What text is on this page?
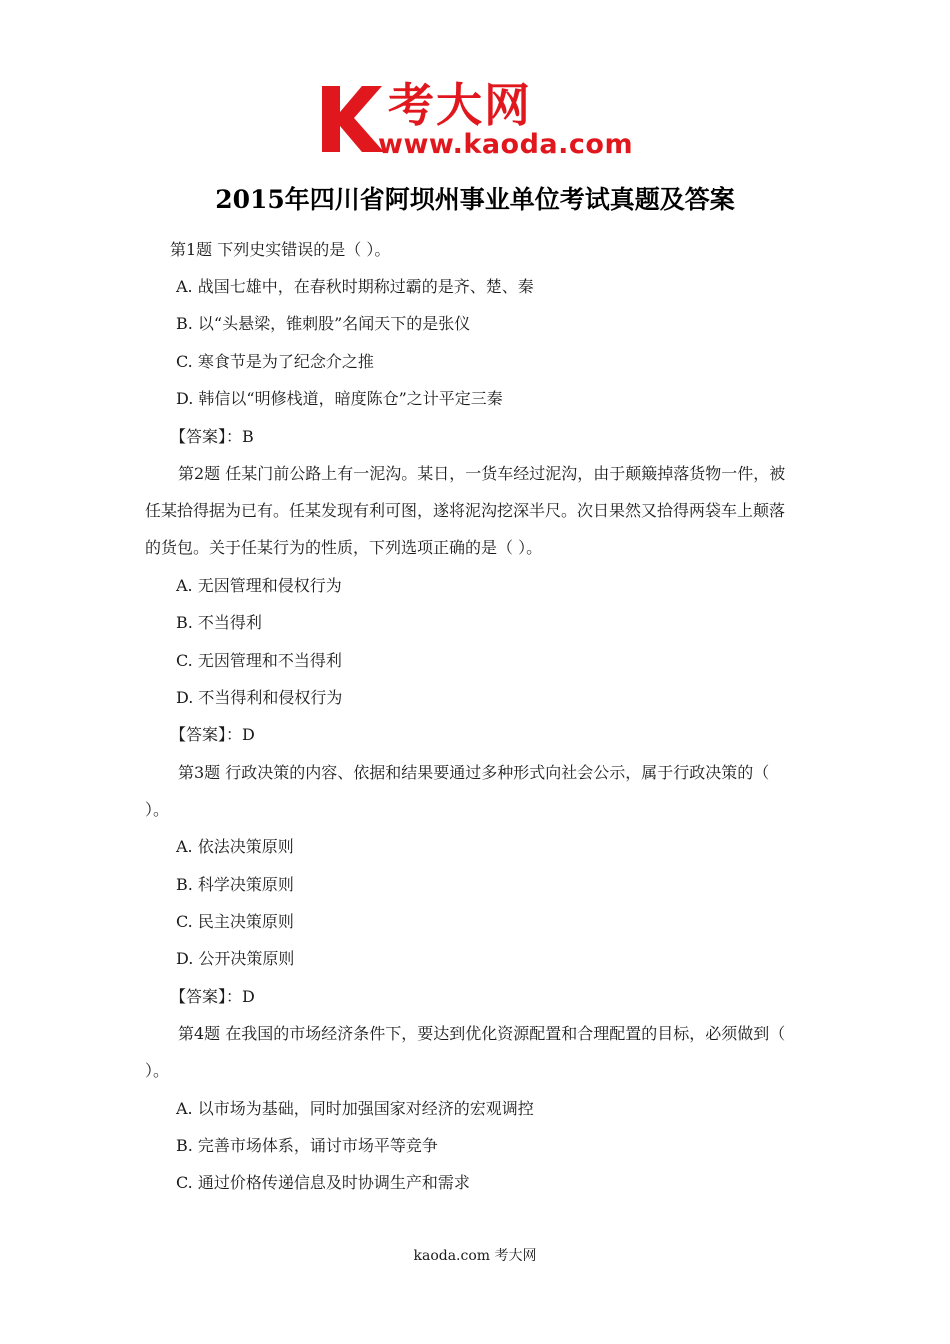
考大网
www.kaoda.com
2015年四川省阿坝州事业单位考试真题及答案
第1题 下列史实错误的是（ ）。
A. 战国七雄中，在春秋时期称过霸的是齐、楚、秦
B. 以“头悬梁，锥刺股”名闻天下的是张仪
C. 寒食节是为了纪念介之推
D. 韩信以“明修栈道，暗度陈仓”之计平定三秦
【答案】：B
第2题 任某门前公路上有一泥沟。某日，一货车经过泥沟，由于颠簸掉落货物一件，被
任某拾得据为已有。任某发现有利可图，遂将泥沟挖深半尺。次日果然又拾得两袋车上颠落
的货包。关于任某行为的性质，下列选项正确的是（ ）。
A. 无因管理和侵权行为
B. 不当得利
C. 无因管理和不当得利
D. 不当得利和侵权行为
【答案】：D
第3题 行政决策的内容、依据和结果要通过多种形式向社会公示，属于行政决策的（
）。
A. 依法决策原则
B. 科学决策原则
C. 民主决策原则
D. 公开决策原则
【答案】：D
第4题 在我国的市场经济条件下，要达到优化资源配置和合理配置的目标，必须做到（
）。
A. 以市场为基础，同时加强国家对经济的宏观调控
B. 完善市场体系，诵讨市场平等竞争
C. 通过价格传递信息及时协调生产和需求
kaoda.com 考大网
